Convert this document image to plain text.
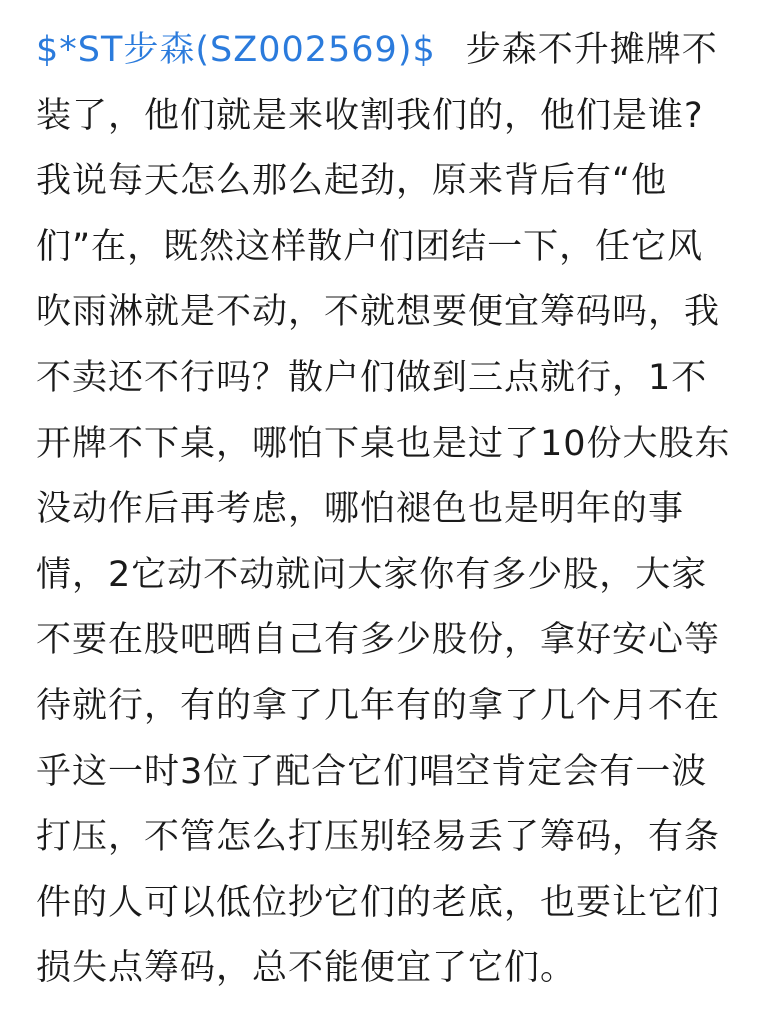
$*ST步森(SZ002569)$ 步森不升摊牌不
装了，他们就是来收割我们的，他们是谁?
我说每天怎么那么起劲，原来背后有“他
们”在，既然这样散户们团结一下，任它风
吹雨淋就是不动，不就想要便宜筹码吗，我
不卖还不行吗？散户们做到三点就行，1不
开牌不下桌，哪怕下桌也是过了10份大股东
没动作后再考虑，哪怕褪色也是明年的事
情，2它动不动就问大家你有多少股，大家
不要在股吧晒自己有多少股份，拿好安心等
待就行，有的拿了几年有的拿了几个月不在
乎这一时3位了配合它们唱空肯定会有一波
打压，不管怎么打压别轻易丢了筹码，有条
件的人可以低位抄它们的老底，也要让它们
损失点筹码，总不能便宜了它们。
